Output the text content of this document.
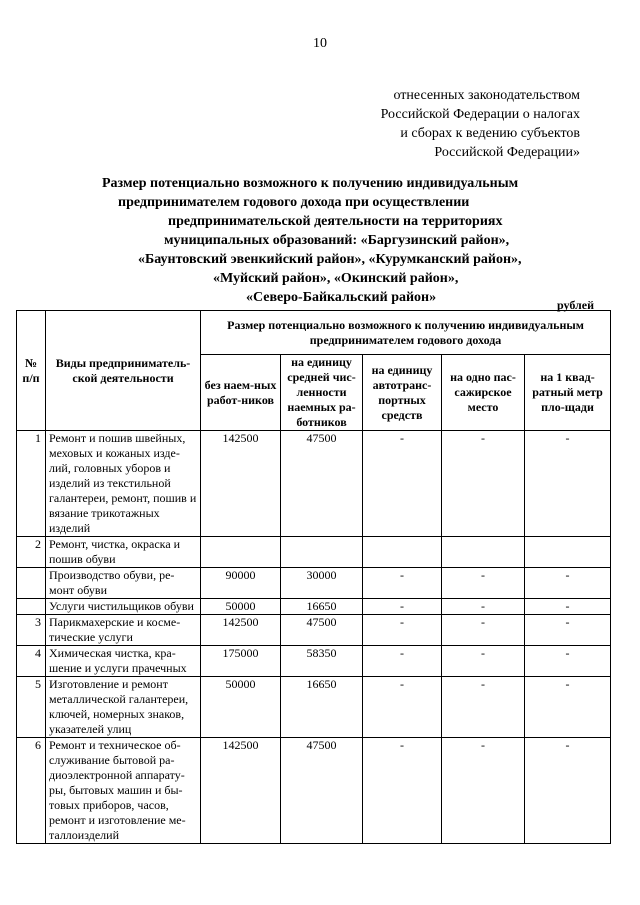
10
отнесенных законодательством
Российской Федерации о налогах
и сборах к ведению субъектов
Российской Федерации»
Размер потенциально возможного к получению индивидуальным
предпринимателем годового дохода при осуществлении
предпринимательской деятельности на территориях
муниципальных образований: «Баргузинский район»,
«Баунтовский эвенкийский район», «Курумканский район»,
«Муйский район», «Окинский район»,
«Северо-Байкальский район»	рублей
№ п/п	Виды предприниматель-ской деятельности	Размер потенциально возможного к получению индивидуальным предпринимателем годового дохода				
		без наем-ных работ-ников	на единицу средней чис-ленности наемных ра-ботников	на единицу автотранс-портных средств	на одно пас-сажирское место	на 1 квад-ратный метр пло-щади
1	Ремонт и пошив швейных, меховых и кожаных изде-лий, головных уборов и изделий из текстильной галантереи, ремонт, пошив и вязание трикотажных изделий	142500	47500	-	-	-
2	Ремонт, чистка, окраска и пошив обуви					
	Производство обуви, ре-монт обуви	90000	30000	-	-	-
	Услуги чистильщиков обуви	50000	16650	-	-	-
3	Парикмахерские и косме-тические услуги	142500	47500	-	-	-
4	Химическая чистка, кра-шение и услуги прачечных	175000	58350	-	-	-
5	Изготовление и ремонт металлической галантереи, ключей, номерных знаков, указателей улиц	50000	16650	-	-	-
6	Ремонт и техническое об-служивание бытовой ра-диоэлектронной аппарату-ры, бытовых машин и бы-товых приборов, часов, ремонт и изготовление ме-таллоизделий	142500	47500	-	-	-
